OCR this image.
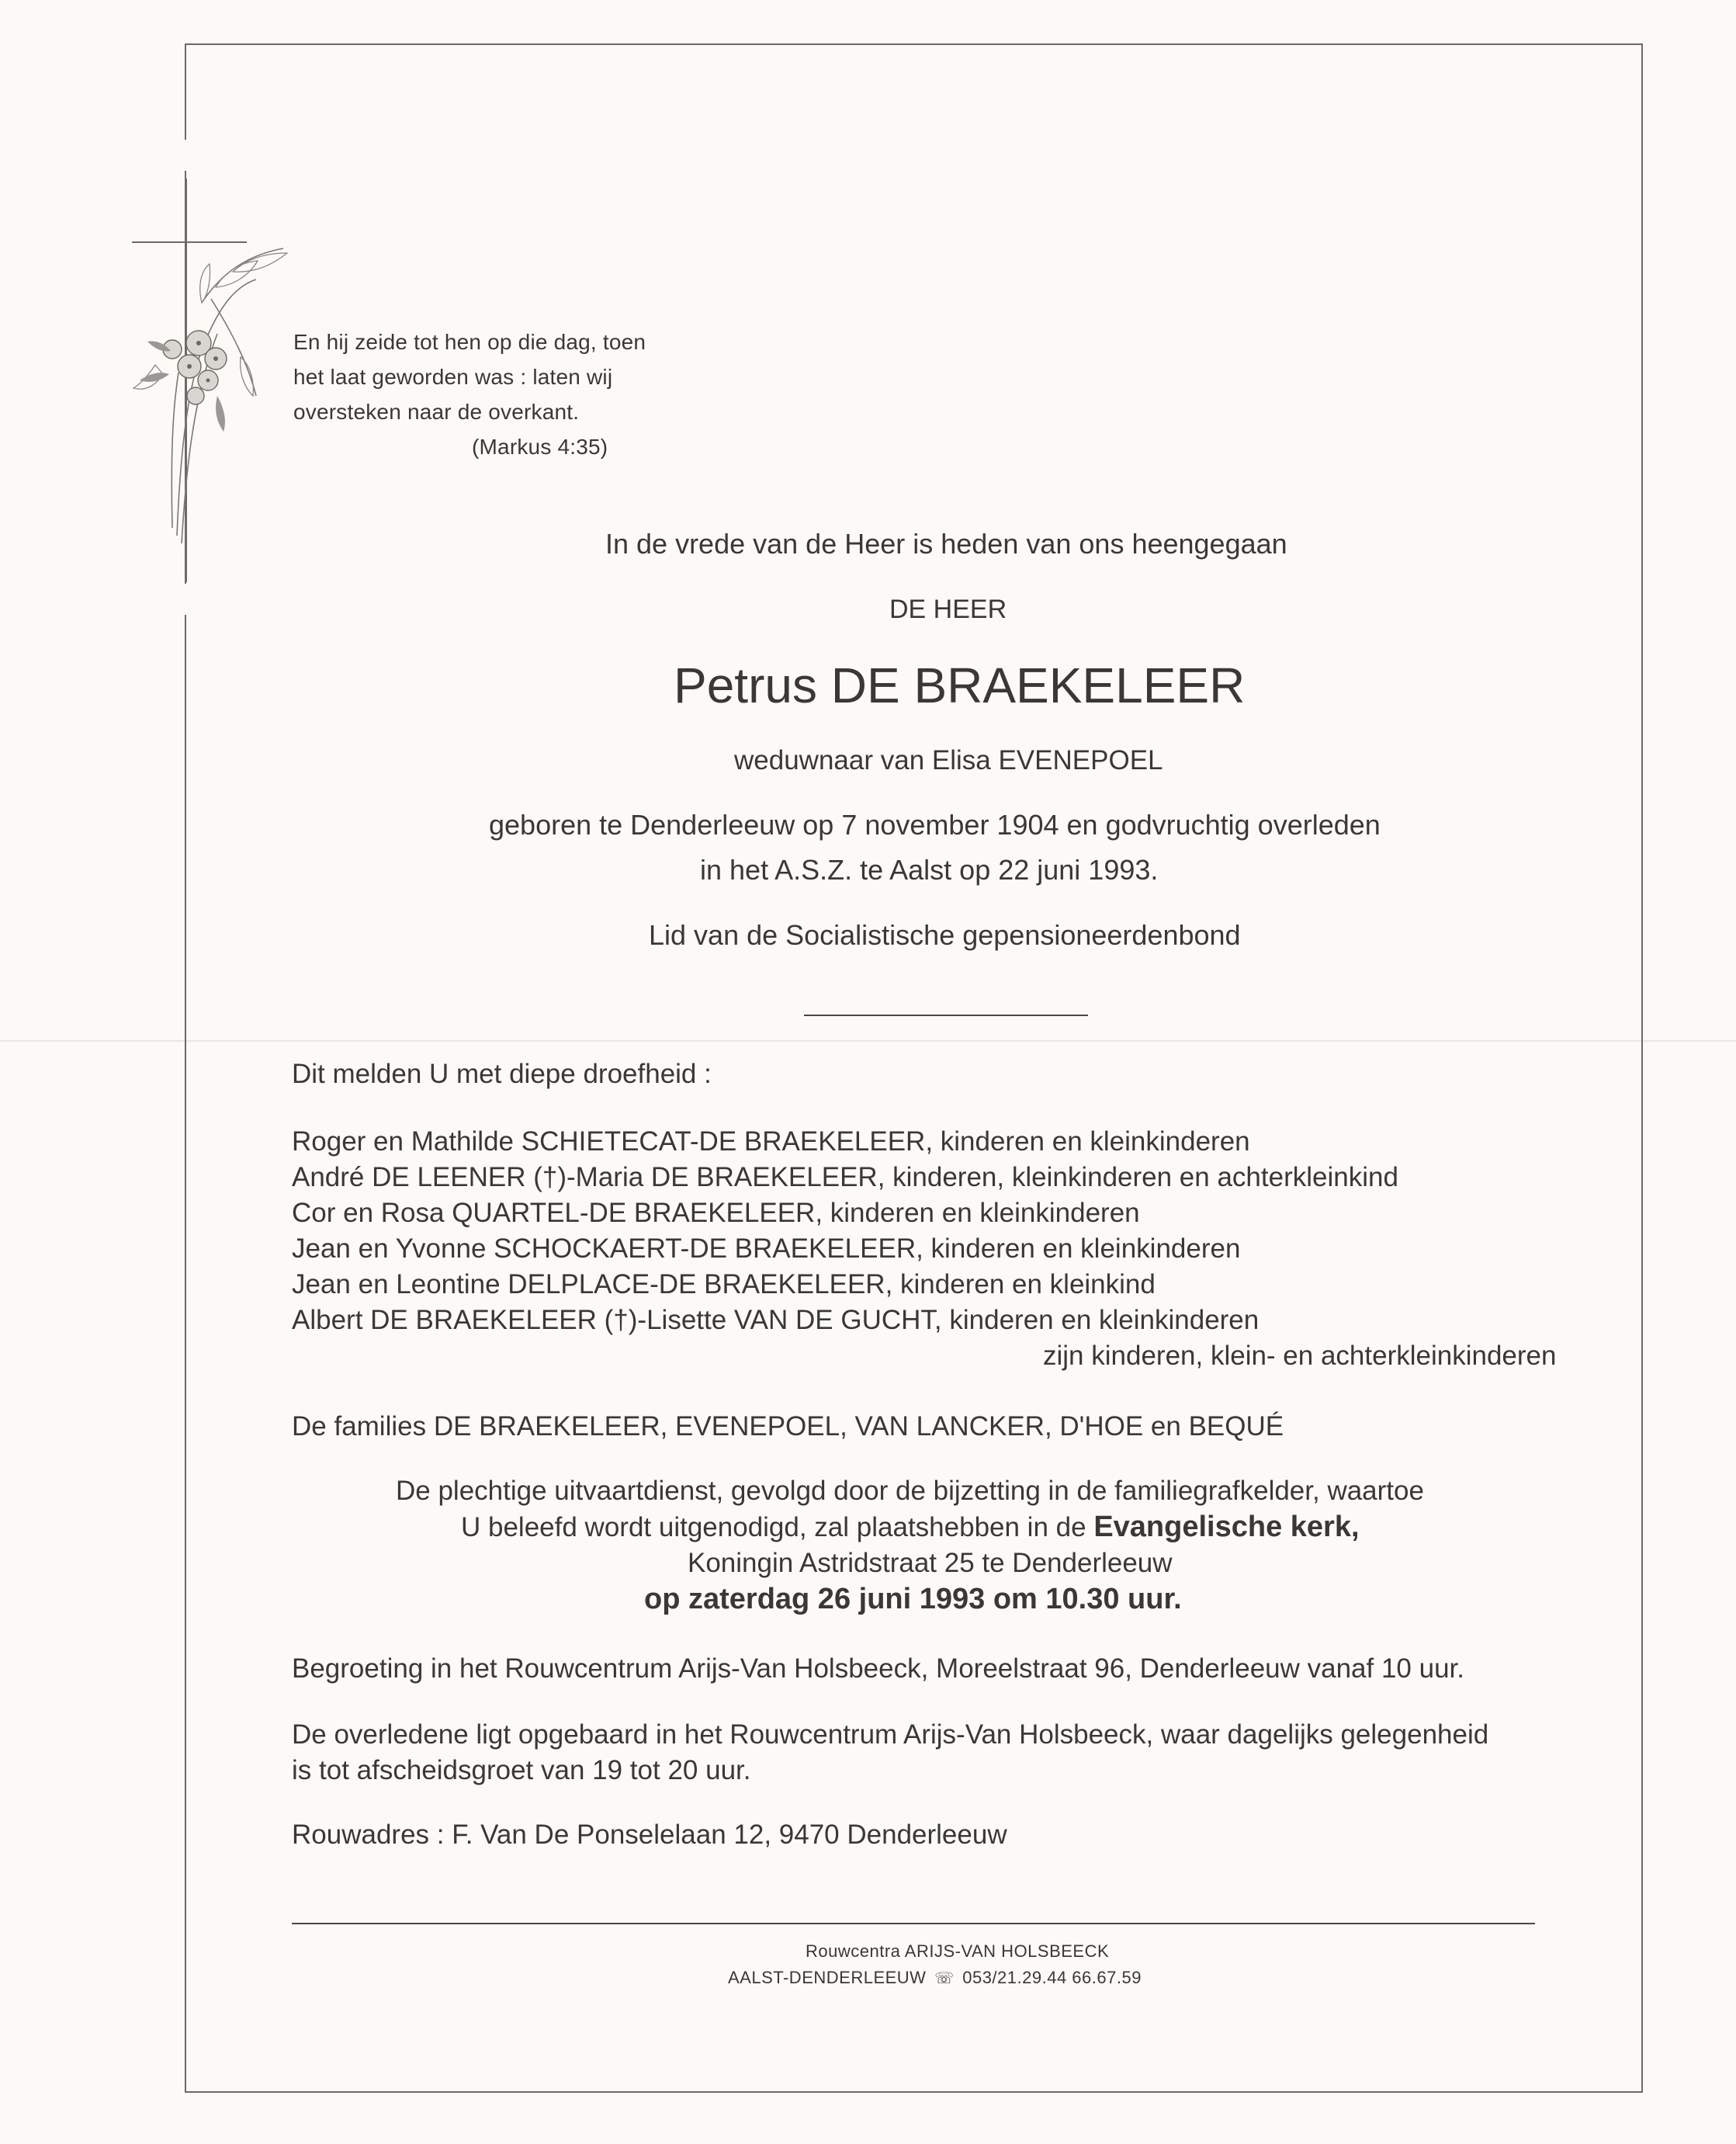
En hij zeide tot hen op die dag, toen
het laat geworden was : laten wij
oversteken naar de overkant.
(Markus 4:35)
In de vrede van de Heer is heden van ons heengegaan
DE HEER
Petrus DE BRAEKELEER
weduwnaar van Elisa EVENEPOEL
geboren te Denderleeuw op 7 november 1904 en godvruchtig overleden
in het A.S.Z. te Aalst op 22 juni 1993.
Lid van de Socialistische gepensioneerdenbond
Dit melden U met diepe droefheid :
Roger en Mathilde SCHIETECAT-DE BRAEKELEER, kinderen en kleinkinderen
André DE LEENER (†)-Maria DE BRAEKELEER, kinderen, kleinkinderen en achterkleinkind
Cor en Rosa QUARTEL-DE BRAEKELEER, kinderen en kleinkinderen
Jean en Yvonne SCHOCKAERT-DE BRAEKELEER, kinderen en kleinkinderen
Jean en Leontine DELPLACE-DE BRAEKELEER, kinderen en kleinkind
Albert DE BRAEKELEER (†)-Lisette VAN DE GUCHT, kinderen en kleinkinderen
zijn kinderen, klein- en achterkleinkinderen
De families DE BRAEKELEER, EVENEPOEL, VAN LANCKER, D'HOE en BEQUÉ
De plechtige uitvaartdienst, gevolgd door de bijzetting in de familiegrafkelder, waartoe
U beleefd wordt uitgenodigd, zal plaatshebben in de Evangelische kerk,
Koningin Astridstraat 25 te Denderleeuw
op zaterdag 26 juni 1993 om 10.30 uur.
Begroeting in het Rouwcentrum Arijs-Van Holsbeeck, Moreelstraat 96, Denderleeuw vanaf 10 uur.
De overledene ligt opgebaard in het Rouwcentrum Arijs-Van Holsbeeck, waar dagelijks gelegenheid
is tot afscheidsgroet van 19 tot 20 uur.
Rouwadres : F. Van De Ponselelaan 12, 9470 Denderleeuw
Rouwcentra ARIJS-VAN HOLSBEECK
AALST-DENDERLEEUW ☏ 053/21.29.44 66.67.59
